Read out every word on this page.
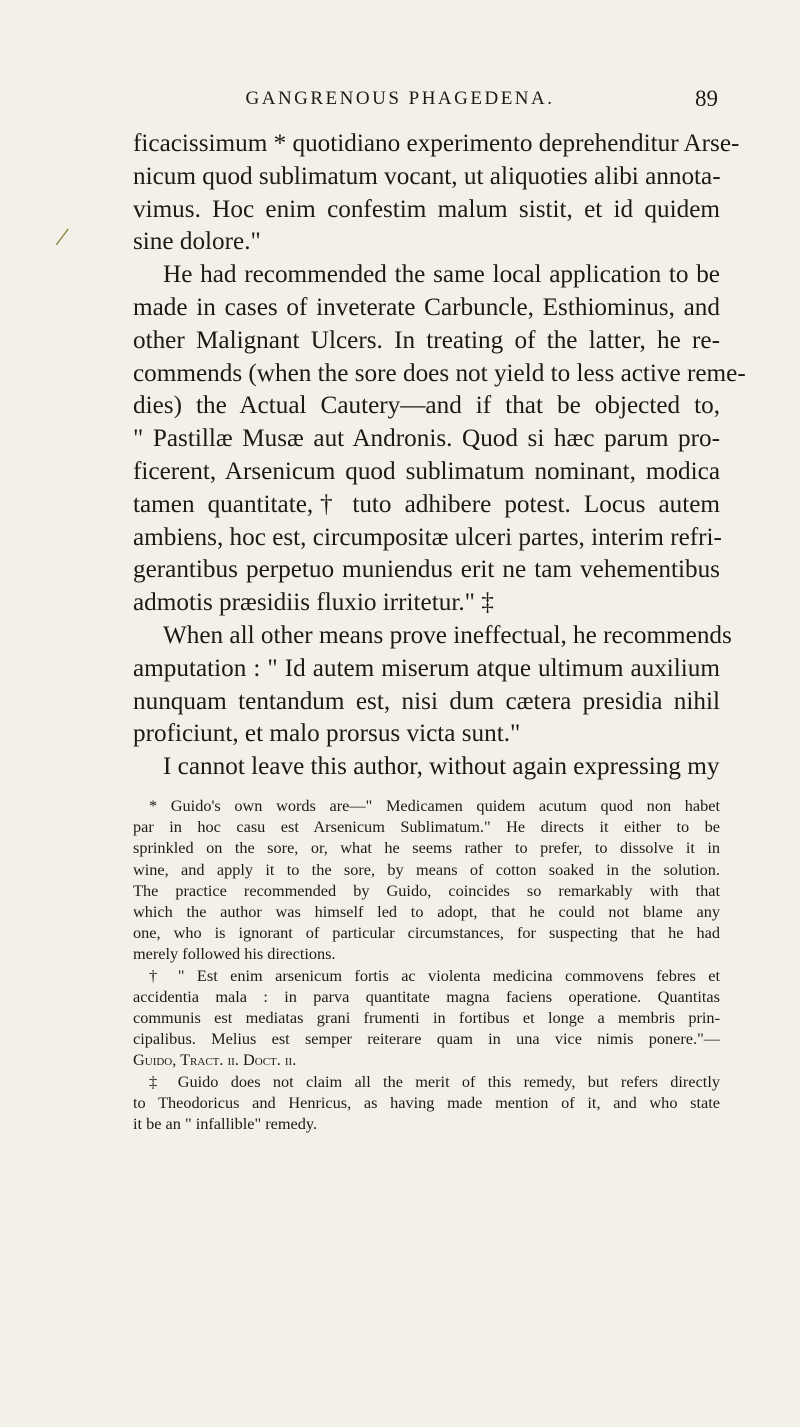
GANGRENOUS PHAGEDENA.	89
/

ficacissimum * quotidiano experimento deprehenditur Arse-
nicum quod sublimatum vocant, ut aliquoties alibi annota-
vimus. Hoc enim confestim malum sistit, et id quidem
sine dolore."

He had recommended the same local application to be
made in cases of inveterate Carbuncle, Esthiominus, and
other Malignant Ulcers. In treating of the latter, he re-
commends (when the sore does not yield to less active reme-
dies) the Actual Cautery—and if that be objected to,
" Pastillæ Musæ aut Andronis. Quod si hæc parum pro-
ficerent, Arsenicum quod sublimatum nominant, modica
tamen quantitate,† tuto adhibere potest. Locus autem
ambiens, hoc est, circumpositæ ulceri partes, interim refri-
gerantibus perpetuo muniendus erit ne tam vehementibus
admotis præsidiis fluxio irritetur." ‡

When all other means prove ineffectual, he recommends
amputation : " Id autem miserum atque ultimum auxilium
nunquam tentandum est, nisi dum cætera presidia nihil
proficiunt, et malo prorsus victa sunt."

I cannot leave this author, without again expressing my

* Guido's own words are—" Medicamen quidem acutum quod non habet
par in hoc casu est Arsenicum Sublimatum." He directs it either to be
sprinkled on the sore, or, what he seems rather to prefer, to dissolve it in
wine, and apply it to the sore, by means of cotton soaked in the solution.
The practice recommended by Guido, coincides so remarkably with that
which the author was himself led to adopt, that he could not blame any
one, who is ignorant of particular circumstances, for suspecting that he had
merely followed his directions.
† " Est enim arsenicum fortis ac violenta medicina commovens febres et
accidentia mala : in parva quantitate magna faciens operatione. Quantitas
communis est mediatas grani frumenti in fortibus et longe a membris prin-
cipalibus. Melius est semper reiterare quam in una vice nimis ponere."—
Guido, Tract. ii. Doct. ii.
‡ Guido does not claim all the merit of this remedy, but refers directly
to Theodoricus and Henricus, as having made mention of it, and who state
it be an " infallible" remedy.
